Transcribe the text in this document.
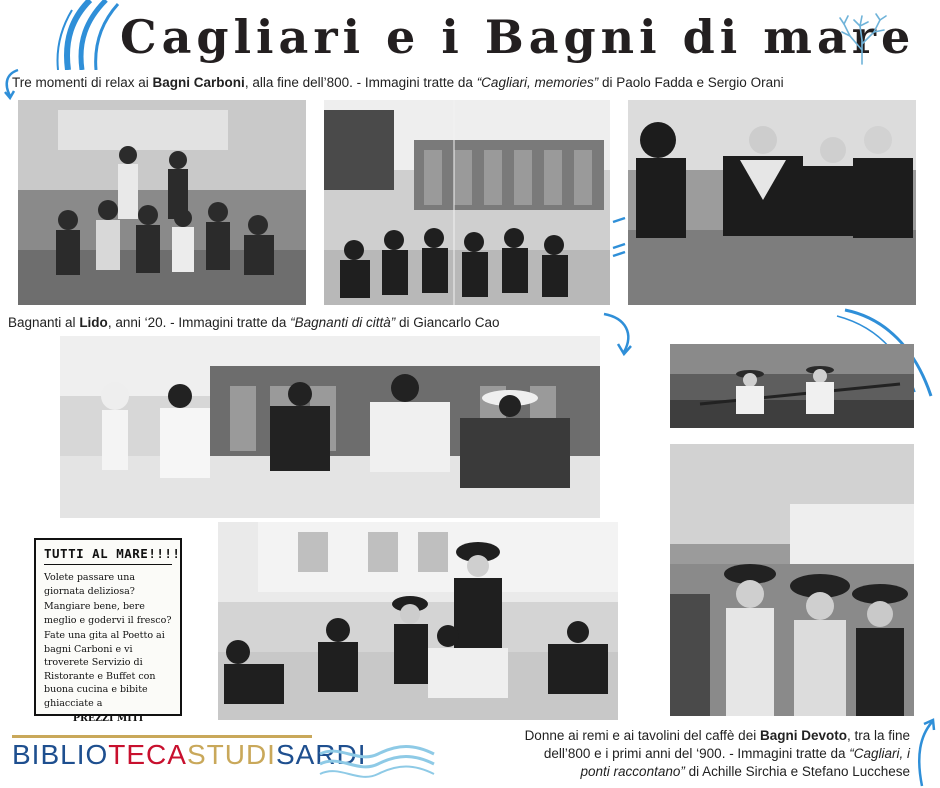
Cagliari e i Bagni di mare
Tre momenti di relax ai Bagni Carboni, alla fine dell’800. - Immagini tratte da “Cagliari, memories” di Paolo Fadda e Sergio Orani
Bagnanti al Lido, anni ‘20. - Immagini tratte da “Bagnanti di città” di Giancarlo Cao
TUTTI AL MARE!!!!

Volete passare una giornata deliziosa?

Mangiare bene, bere meglio e godervi il fresco?

Fate una gita al Poetto ai bagni Carboni e vi troverete Servizio di Ristorante e Buffet con buona cucina e bibite ghiacciate a

PREZZI MITI

Donne ai remi e ai tavolini del caffè dei Bagni Devoto, tra la fine
dell’800 e i primi anni del ‘900. - Immagini tratte da “Cagliari, i
ponti raccontano” di Achille Sirchia e Stefano Lucchese
BIBLIOTECASTUDISARDI
